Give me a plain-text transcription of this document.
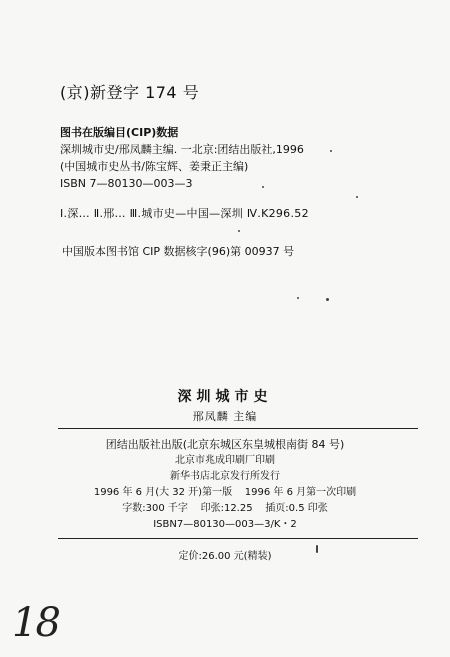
(京)新登字 174 号
图书在版编目(CIP)数据
深圳城市史/邢凤麟主编. 一北京:团结出版社,1996
(中国城市史丛书/陈宝辉、姜秉正主编)
ISBN 7—80130—003—3
Ⅰ.深… Ⅱ.邢… Ⅲ.城市史—中国—深圳 Ⅳ.K296.52
中国版本图书馆 CIP 数据核字(96)第 00937 号
深圳城市史
邢凤麟 主编
团结出版社出版(北京东城区东皇城根南街 84 号)
北京市兆成印刷厂印刷
新华书店北京发行所发行
1996 年 6 月(大 32 开)第一版    1996 年 6 月第一次印刷
字数:300 千字    印张:12.25    插页:0.5 印张
ISBN7—80130—003—3/K・2
定价:26.00 元(精装)
18
